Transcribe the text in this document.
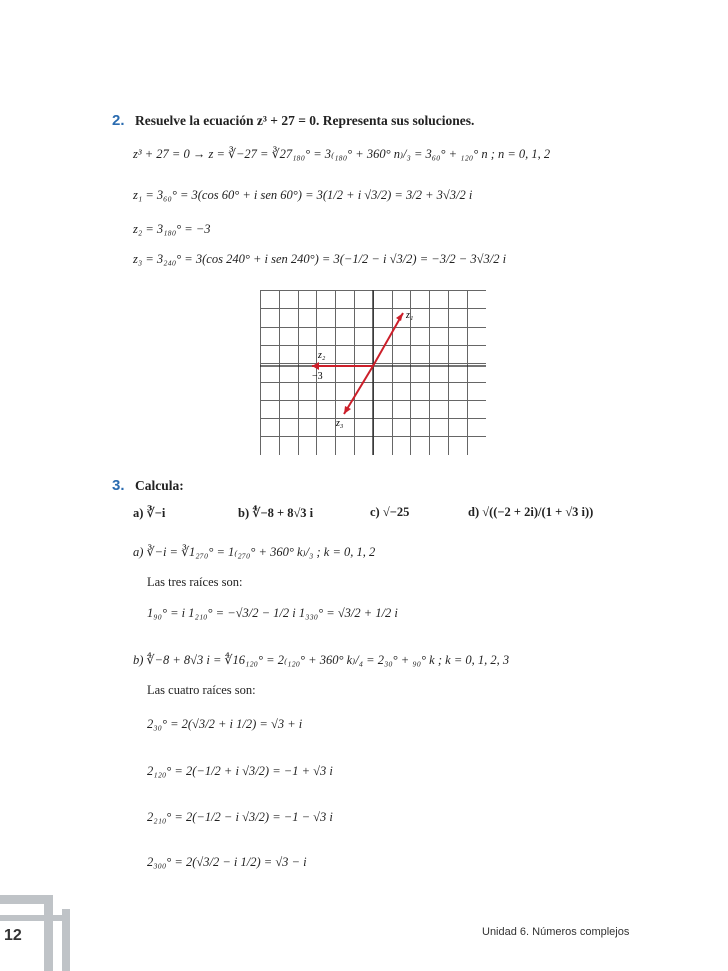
2. Resuelve la ecuación z³ + 27 = 0. Representa sus soluciones.
z³ + 27 = 0 → z = ∛−27 = ∛27₁₈₀° = 3₍₁₈₀° + 360° n₎/₃ = 3₆₀° + ₁₂₀° n ; n = 0, 1, 2
z₁ = 3₆₀° = 3(cos 60° + i sen 60°) = 3(1/2 + i √3/2) = 3/2 + 3√3/2 i
z₂ = 3₁₈₀° = −3
z₃ = 3₂₄₀° = 3(cos 240° + i sen 240°) = 3(−1/2 − i √3/2) = −3/2 − 3√3/2 i
z₁
z₂
−3
z₃
3. Calcula:
a) ∛−i	b) ∜−8 + 8√3 i	c) √−25	d) √((−2 + 2i)/(1 + √3 i))
a) ∛−i = ∛1₂₇₀° = 1₍₂₇₀° + 360° k₎/₃ ; k = 0, 1, 2
Las tres raíces son:
1₉₀° = i 1₂₁₀° = −√3/2 − 1/2 i 1₃₃₀° = √3/2 + 1/2 i
b) ∜−8 + 8√3 i = ∜16₁₂₀° = 2₍₁₂₀° + 360° k₎/₄ = 2₃₀° + ₉₀° k ; k = 0, 1, 2, 3
Las cuatro raíces son:
2₃₀° = 2(√3/2 + i 1/2) = √3 + i
2₁₂₀° = 2(−1/2 + i √3/2) = −1 + √3 i
2₂₁₀° = 2(−1/2 − i √3/2) = −1 − √3 i
2₃₀₀° = 2(√3/2 − i 1/2) = √3 − i
12	Unidad 6. Números complejos
